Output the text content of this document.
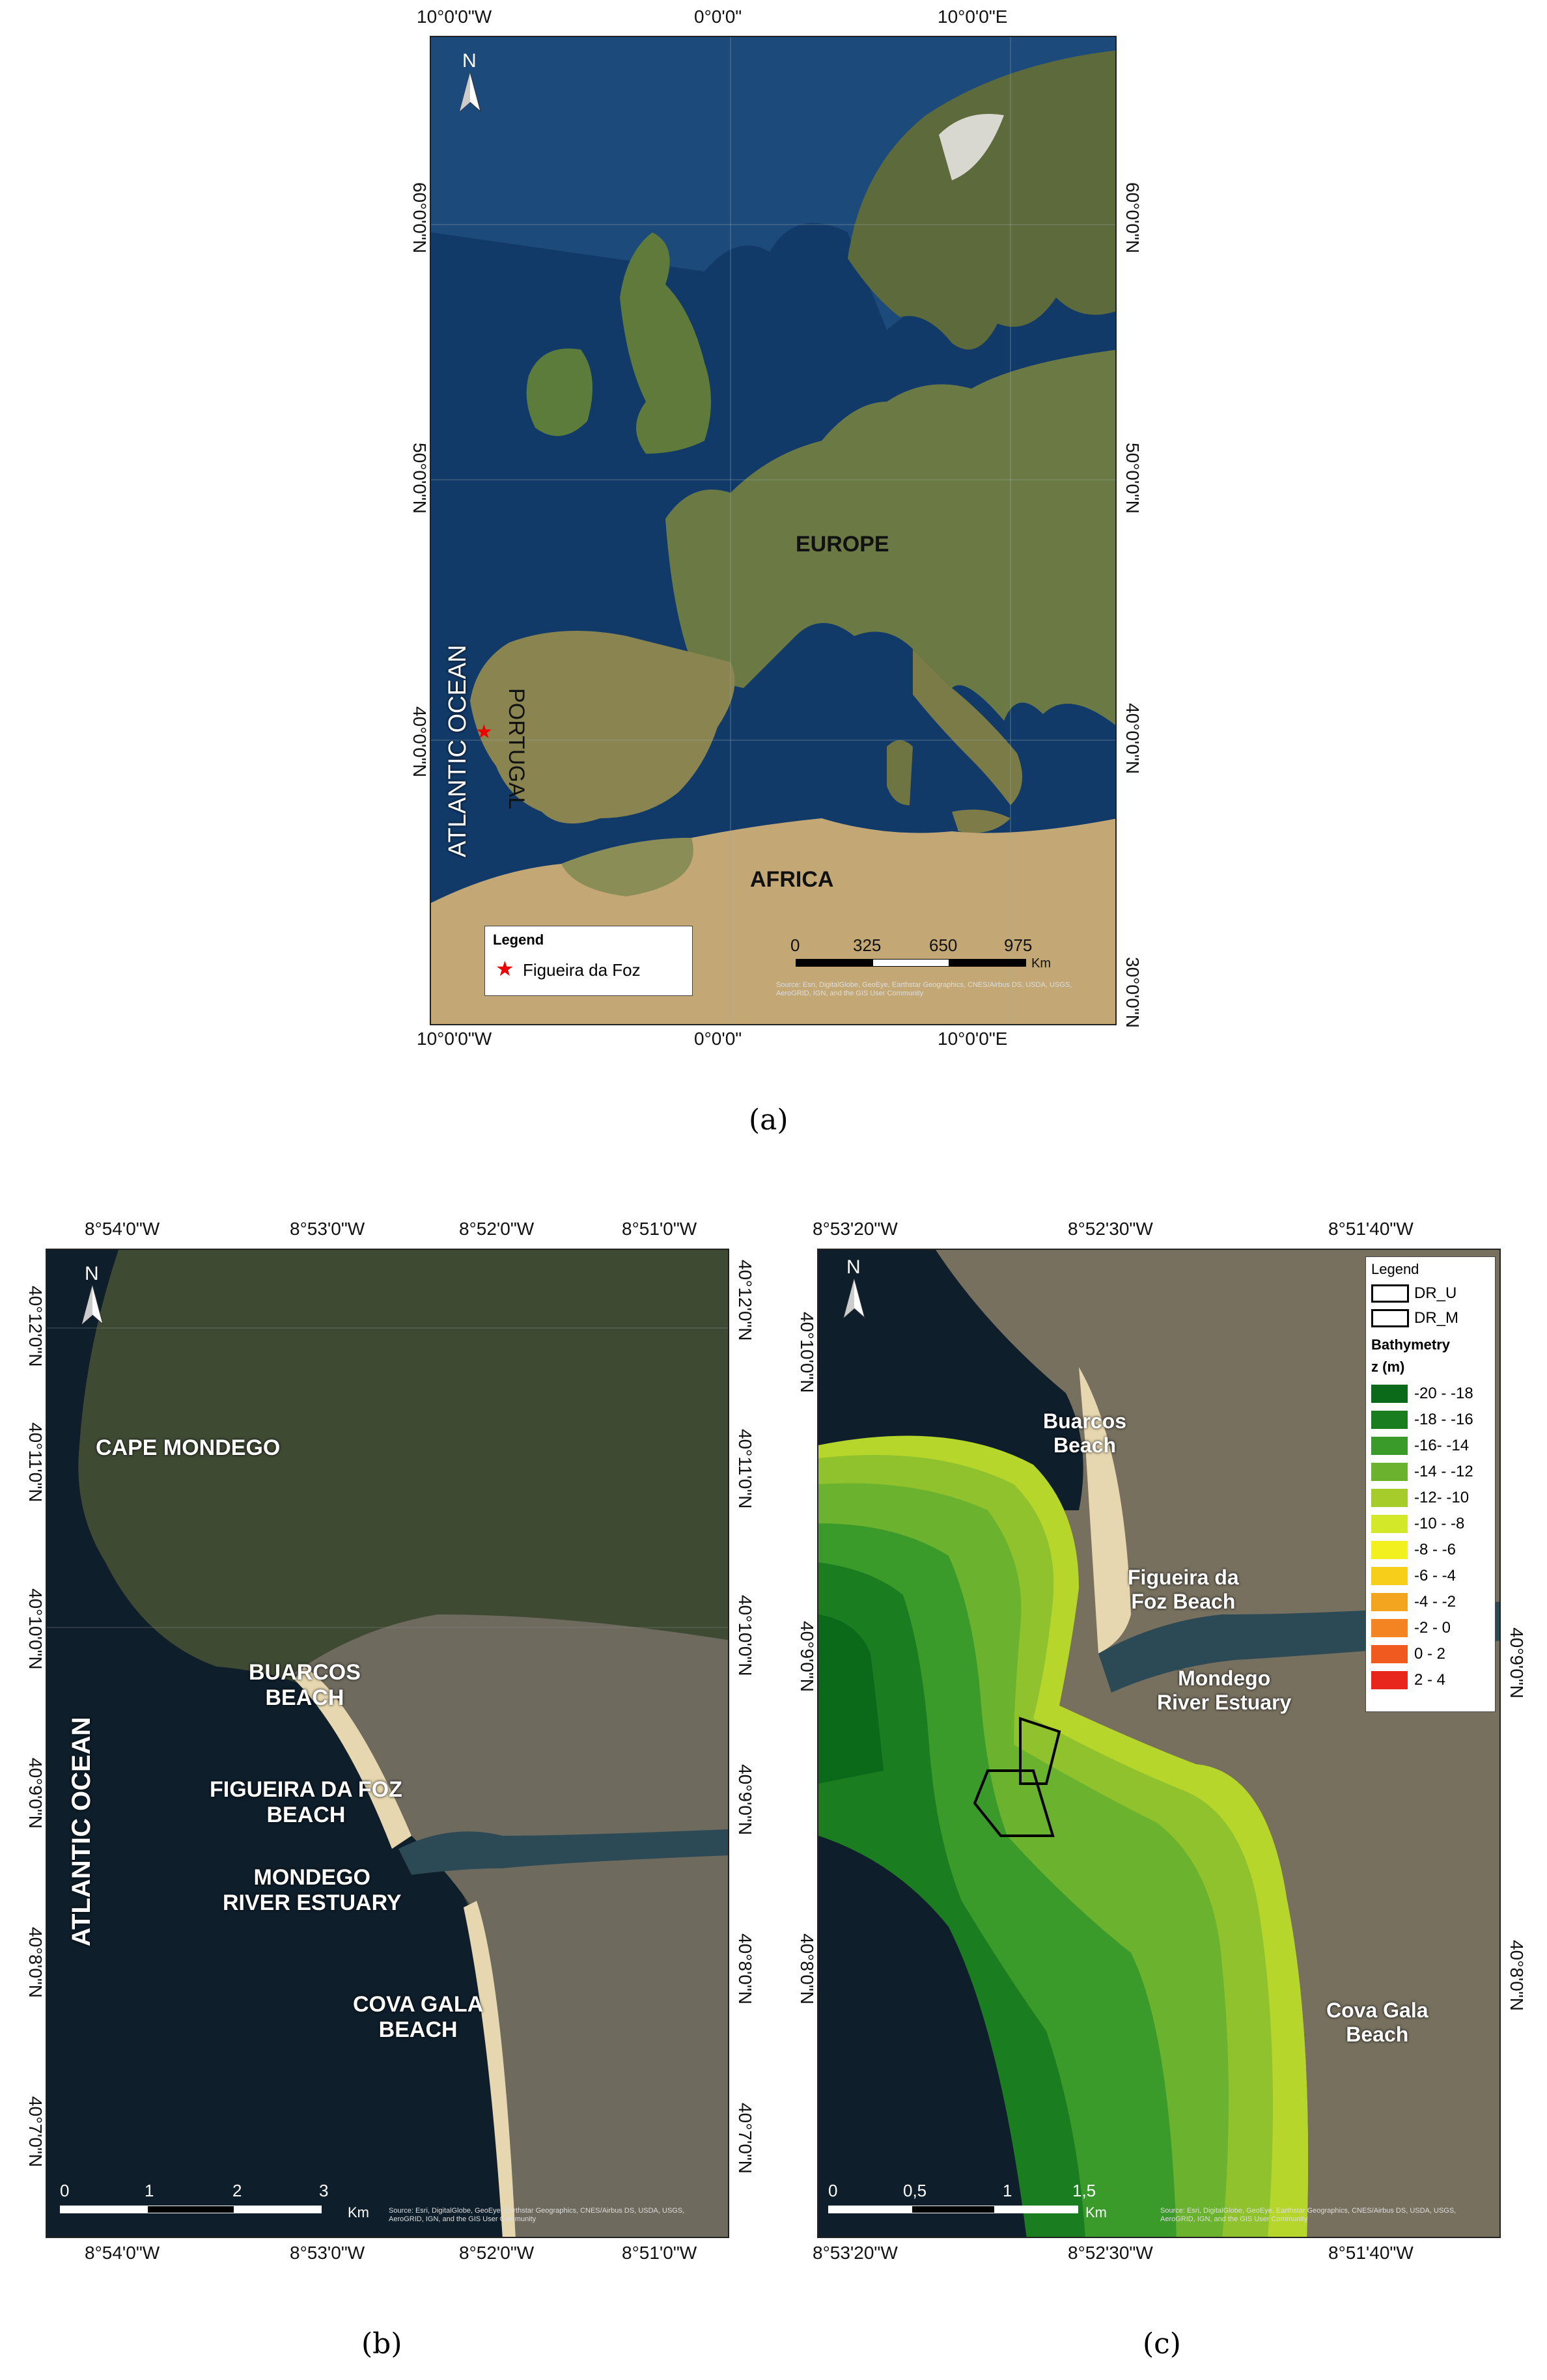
10°0'0"W	0°0'0"	10°0'0"E
N
EUROPE
AFRICA
ATLANTIC OCEAN PORTUGAL
★
Legend
★ Figueira da Foz
0	325	650	975
Km
Source: Esri, DigitalGlobe, GeoEye, Earthstar Geographics, CNES/Airbus DS, USDA, USGS, AeroGRID, IGN, and the GIS User Community
60°0'0"N
50°0'0"N
40°0'0"N
60°0'0"N
50°0'0"N
40°0'0"N
30°0'0"N
10°0'0"W	0°0'0"	10°0'0"E
(a)
8°54'0"W	8°53'0"W	8°52'0"W	8°51'0"W
N
CAPE MONDEGO
BUARCOS
BEACH
FIGUEIRA DA FOZ
BEACH
MONDEGO
RIVER ESTUARY
COVA GALA
BEACH
ATLANTIC OCEAN
0	1	2	3
Km	Source: Esri, DigitalGlobe, GeoEye, Earthstar Geographics, CNES/Airbus DS, USDA, USGS, AeroGRID, IGN, and the GIS User Community
40°12'0"N
40°11'0"N
40°10'0"N
40°9'0"N
40°8'0"N
40°7'0"N
40°12'0"N
40°11'0"N
40°10'0"N
40°9'0"N
40°8'0"N
40°7'0"N
8°54'0"W	8°53'0"W	8°52'0"W	8°51'0"W
(b)
8°53'20"W	8°52'30"W	8°51'40"W
N
Buarcos
Beach
Figueira da
Foz Beach
Mondego
River Estuary
Cova Gala
Beach
Legend
DR_U
DR_M
Bathymetry
z (m)
-20 - -18
-18 - -16
-16- -14
-14 - -12
-12- -10
-10 - -8
-8 - -6
-6 - -4
-4 - -2
-2 - 0
0 - 2
2 - 4
0	0,5	1	1,5
Km	Source: Esri, DigitalGlobe, GeoEye, Earthstar Geographics, CNES/Airbus DS, USDA, USGS, AeroGRID, IGN, and the GIS User Community
40°10'0"N
40°9'0"N
40°8'0"N
40°9'0"N
40°8'0"N
8°53'20"W	8°52'30"W	8°51'40"W
(c)
